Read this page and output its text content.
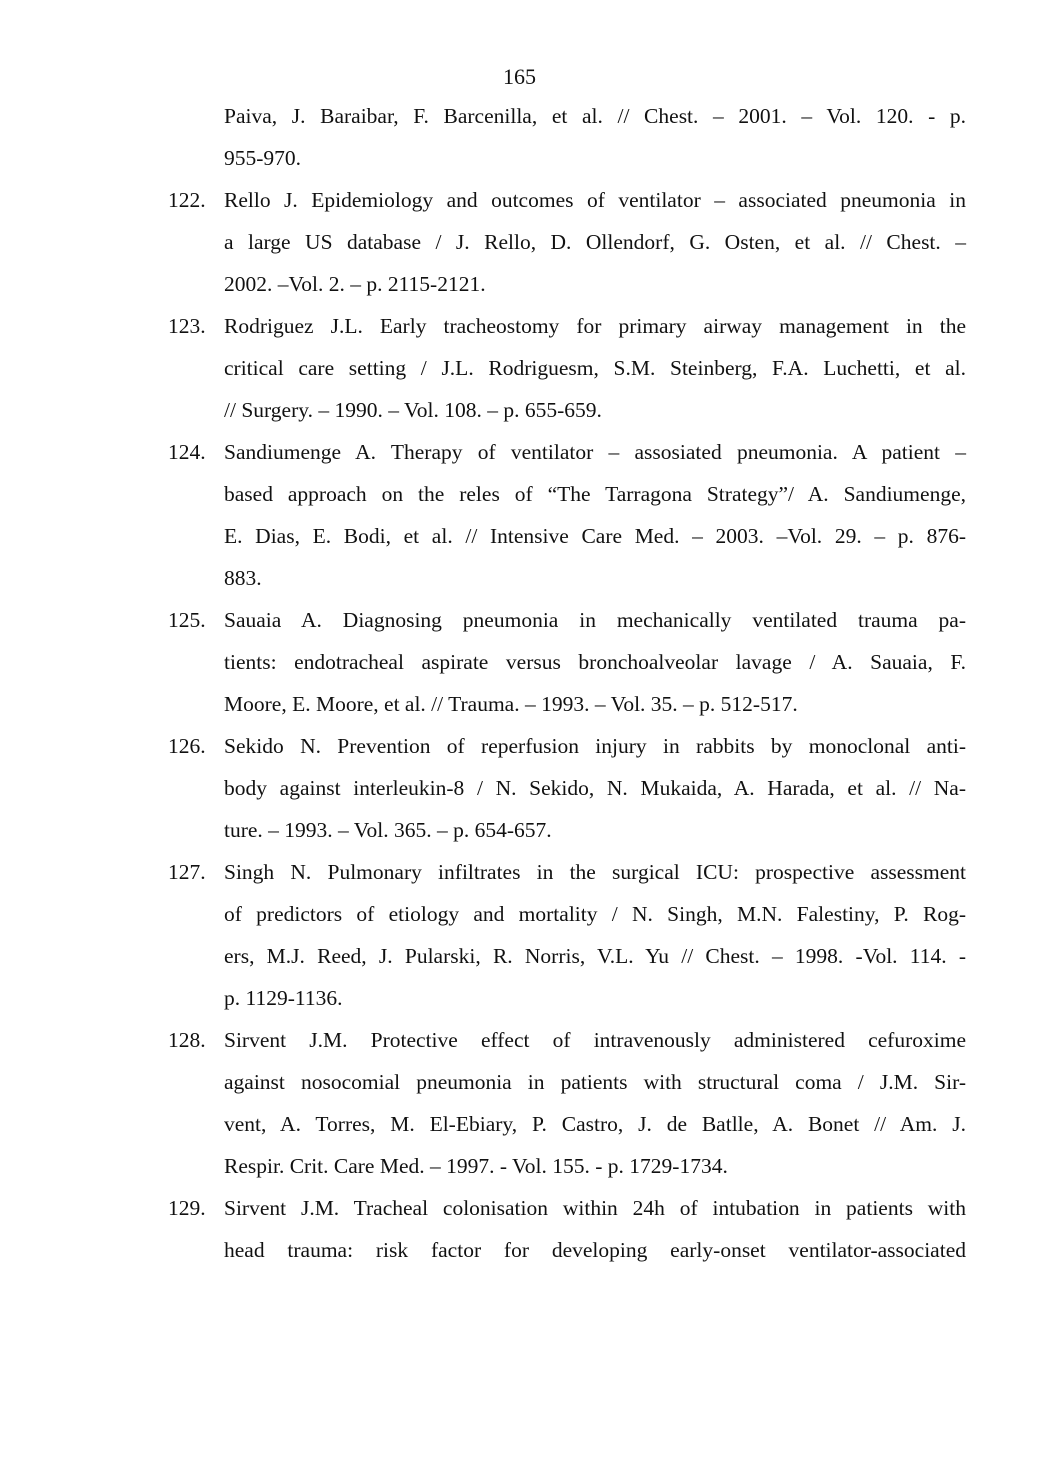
165
Paiva, J. Baraibar, F. Barcenilla, et al. // Chest. – 2001. – Vol. 120. - p.
955-970.
122. Rello J. Epidemiology and outcomes of ventilator – associated pneumonia in
a large US database / J. Rello, D. Ollendorf, G. Osten, et al. // Chest. –
2002. –Vol. 2. – p. 2115-2121.
123. Rodriguez J.L. Early tracheostomy for primary airway management in the
critical care setting / J.L. Rodriguesm, S.M. Steinberg, F.A. Luchetti, et al.
// Surgery. – 1990. – Vol. 108. – p. 655-659.
124. Sandiumenge A. Therapy of ventilator – assosiated pneumonia. A patient –
based approach on the reles of “The Tarragona Strategy”/ A. Sandiumenge,
E. Dias, E. Bodi, et al. // Intensive Care Med. – 2003. –Vol. 29. – p. 876-
883.
125. Sauaia A. Diagnosing pneumonia in mechanically ventilated trauma pa-
tients: endotracheal aspirate versus bronchoalveolar lavage / A. Sauaia, F.
Moore, E. Moore, et al. // Trauma. – 1993. – Vol. 35. – p. 512-517.
126. Sekido N. Prevention of reperfusion injury in rabbits by monoclonal anti-
body against interleukin-8 / N. Sekido, N. Mukaida, A. Harada, et al. // Na-
ture. – 1993. – Vol. 365. – p. 654-657.
127. Singh N. Pulmonary infiltrates in the surgical ICU: prospective assessment
of predictors of etiology and mortality / N. Singh, M.N. Falestiny, P. Rog-
ers, M.J. Reed, J. Pularski, R. Norris, V.L. Yu // Chest. – 1998. -Vol. 114. -
p. 1129-1136.
128. Sirvent J.M. Protective effect of intravenously administered cefuroxime
against nosocomial pneumonia in patients with structural coma / J.M. Sir-
vent, A. Torres, M. El-Ebiary, P. Castro, J. de Batlle, A. Bonet // Am. J.
Respir. Crit. Care Med. – 1997. - Vol. 155. - p. 1729-1734.
129. Sirvent J.M. Tracheal colonisation within 24h of intubation in patients with
head trauma: risk factor for developing early-onset ventilator-associated
